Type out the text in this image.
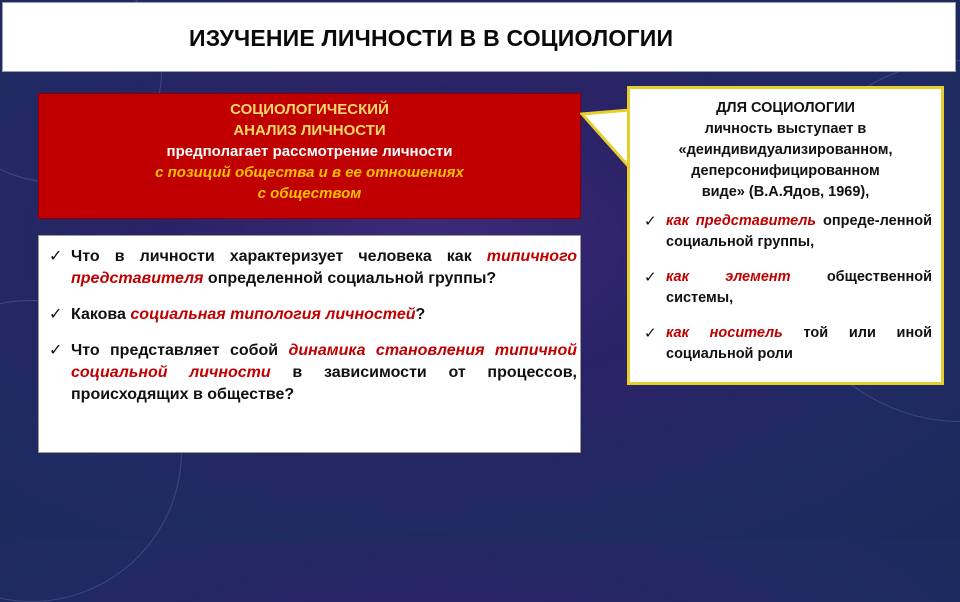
ИЗУЧЕНИЕ ЛИЧНОСТИ В В СОЦИОЛОГИИ
СОЦИОЛОГИЧЕСКИЙ
АНАЛИЗ ЛИЧНОСТИ
предполагает рассмотрение личности
с позиций общества и в ее отношениях
с обществом
ДЛЯ СОЦИОЛОГИИ
личность выступает в
«деиндивидуализированном,
деперсонифицированном
виде» (В.А.Ядов, 1969),
✓ как представитель опреде-ленной социальной группы,
✓ как элемент общественной системы,
✓ как носитель той или иной социальной роли
✓ Что в личности характеризует человека как типичного представителя определенной социальной группы?
✓ Какова социальная типология личностей?
✓ Что представляет собой динамика становления типичной социальной личности в зависимости от процессов, происходящих в обществе?
